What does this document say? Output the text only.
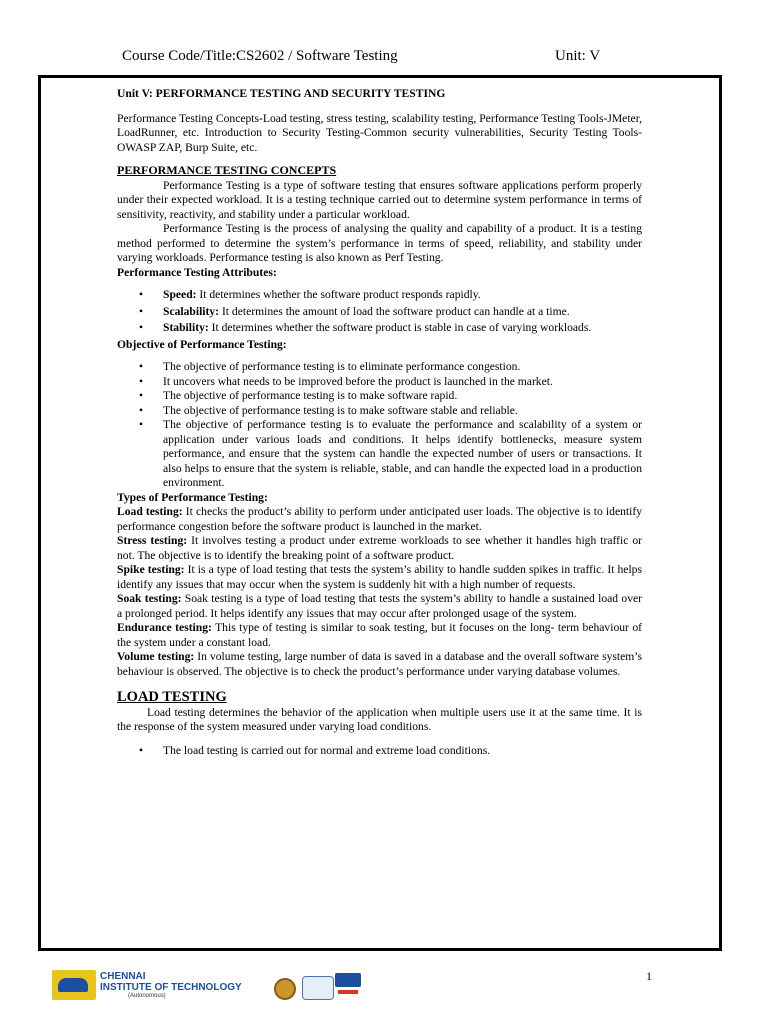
Course Code/Title:CS2602 / Software Testing	Unit: V
Unit V: PERFORMANCE TESTING AND SECURITY TESTING

Performance Testing Concepts-Load testing, stress testing, scalability testing, Performance Testing Tools-JMeter, LoadRunner, etc. Introduction to Security Testing-Common security vulnerabilities, Security Testing Tools-OWASP ZAP, Burp Suite, etc.

PERFORMANCE TESTING CONCEPTS

Performance Testing is a type of software testing that ensures software applications perform properly under their expected workload. It is a testing technique carried out to determine system performance in terms of sensitivity, reactivity, and stability under a particular workload.

Performance Testing is the process of analysing the quality and capability of a product. It is a testing method performed to determine the system’s performance in terms of speed, reliability, and stability under varying workloads. Performance testing is also known as Perf Testing.

Performance Testing Attributes:

• Speed: It determines whether the software product responds rapidly.
• Scalability: It determines the amount of load the software product can handle at a time.
• Stability: It determines whether the software product is stable in case of varying workloads.

Objective of Performance Testing:

• The objective of performance testing is to eliminate performance congestion.
• It uncovers what needs to be improved before the product is launched in the market.
• The objective of performance testing is to make software rapid.
• The objective of performance testing is to make software stable and reliable.
• The objective of performance testing is to evaluate the performance and scalability of a system or application under various loads and conditions. It helps identify bottlenecks, measure system performance, and ensure that the system can handle the expected number of users or transactions. It also helps to ensure that the system is reliable, stable, and can handle the expected load in a production environment.

Types of Performance Testing:

Load testing: It checks the product’s ability to perform under anticipated user loads. The objective is to identify performance congestion before the software product is launched in the market.

Stress testing: It involves testing a product under extreme workloads to see whether it handles high traffic or not. The objective is to identify the breaking point of a software product.

Spike testing: It is a type of load testing that tests the system’s ability to handle sudden spikes in traffic. It helps identify any issues that may occur when the system is suddenly hit with a high number of requests.

Soak testing: Soak testing is a type of load testing that tests the system’s ability to handle a sustained load over a prolonged period. It helps identify any issues that may occur after prolonged usage of the system.

Endurance testing: This type of testing is similar to soak testing, but it focuses on the long- term behaviour of the system under a constant load.

Volume testing: In volume testing, large number of data is saved in a database and the overall software system’s behaviour is observed. The objective is to check the product’s performance under varying database volumes.

LOAD TESTING

Load testing determines the behavior of the application when multiple users use it at the same time. It is the response of the system measured under varying load conditions.

• The load testing is carried out for normal and extreme load conditions.
CHENNAI
INSTITUTE OF TECHNOLOGY
(Autonomous)
1
